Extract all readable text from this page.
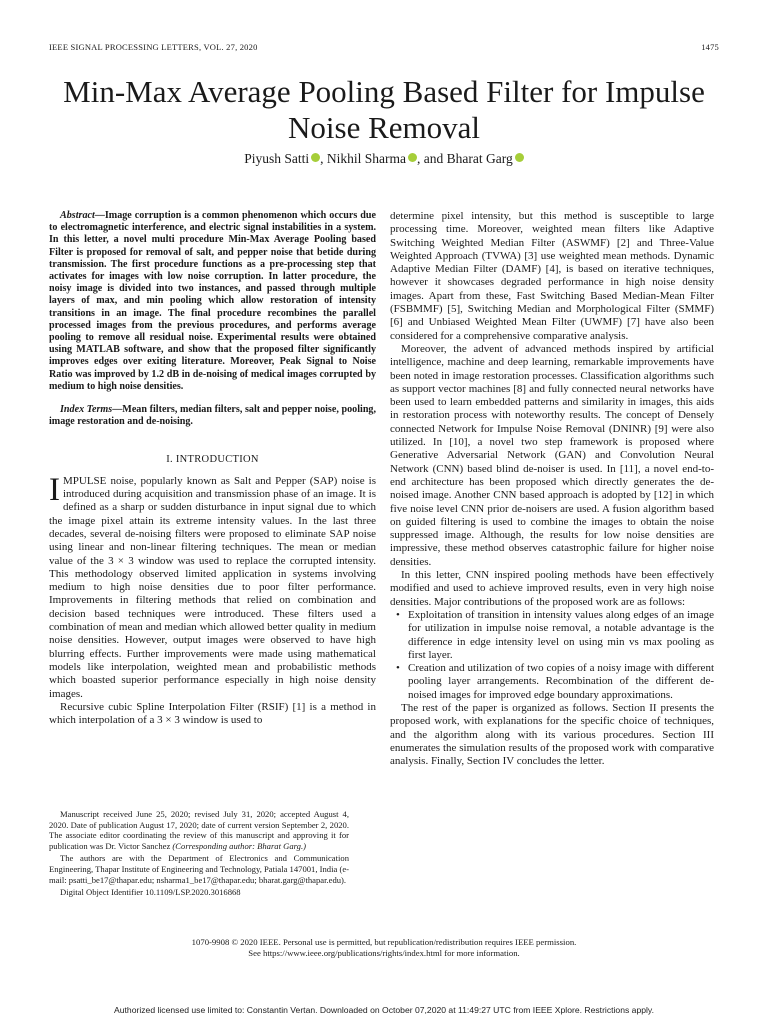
IEEE SIGNAL PROCESSING LETTERS, VOL. 27, 2020	1475
Min-Max Average Pooling Based Filter for Impulse
Noise Removal
Piyush Satti , Nikhil Sharma , and Bharat Garg

Abstract—Image corruption is a common phenomenon which occurs due to electromagnetic interference, and electric signal instabilities in a system. In this letter, a novel multi procedure Min-Max Average Pooling based Filter is proposed for removal of salt, and pepper noise that betide during transmission. The first procedure functions as a pre-processing step that activates for images with low noise corruption. In latter procedure, the noisy image is divided into two instances, and passed through multiple layers of max, and min pooling which allow restoration of intensity transitions in an image. The final procedure recombines the parallel processed images from the previous procedures, and performs average pooling to remove all residual noise. Experimental results were obtained using MATLAB software, and show that the proposed filter significantly improves edges over exiting literature. Moreover, Peak Signal to Noise Ratio was improved by 1.2 dB in de-noising of medical images corrupted by medium to high noise densities.

Index Terms—Mean filters, median filters, salt and pepper noise, pooling, image restoration and de-noising.

I. INTRODUCTION

IMPULSE noise, popularly known as Salt and Pepper (SAP) noise is introduced during acquisition and transmission phase of an image. It is defined as a sharp or sudden disturbance in input signal due to which the image pixel attain its extreme intensity values. In the last three decades, several de-noising filters were proposed to eliminate SAP noise using linear and non-linear filtering techniques. The mean or median value of the 3 × 3 window was used to replace the corrupted intensity. This methodology observed limited application in systems involving medium to high noise densities due to poor filter performance. Improvements in filtering methods that relied on combination and decision based techniques were introduced. These filters used a combination of mean and median which allowed better quality in medium noise densities. However, output images were observed to have high blurring effects. Further improvements were made using mathematical models like interpolation, weighted mean and probabilistic methods which boasted superior performance especially in high noise density images.

Recursive cubic Spline Interpolation Filter (RSIF) [1] is a method in which interpolation of a 3 × 3 window is used to

Manuscript received June 25, 2020; revised July 31, 2020; accepted August 4, 2020. Date of publication August 17, 2020; date of current version September 2, 2020. The associate editor coordinating the review of this manuscript and approving it for publication was Dr. Victor Sanchez (Corresponding author: Bharat Garg.)

The authors are with the Department of Electronics and Communication Engineering, Thapar Institute of Engineering and Technology, Patiala 147001, India (e-mail: psatti_be17@thapar.edu; nsharma1_be17@thapar.edu; bharat.garg@thapar.edu).

Digital Object Identifier 10.1109/LSP.2020.3016868

determine pixel intensity, but this method is susceptible to large processing time. Moreover, weighted mean filters like Adaptive Switching Weighted Median Filter (ASWMF) [2] and Three-Value Weighted Approach (TVWA) [3] use weighted mean methods. Dynamic Adaptive Median Filter (DAMF) [4], is based on iterative techniques, however it showcases degraded performance in high noise density images. Apart from these, Fast Switching Based Median-Mean Filter (FSBMMF) [5], Switching Median and Morphological Filter (SMMF) [6] and Unbiased Weighted Mean Filter (UWMF) [7] have also been considered for a comprehensive comparative analysis.

Moreover, the advent of advanced methods inspired by artificial intelligence, machine and deep learning, remarkable improvements have been noted in image restoration processes. Classification algorithms such as support vector machines [8] and fully connected neural networks have been used to learn embedded patterns and similarity in images, this aids in restoration process with noteworthy results. The concept of Densely connected Network for Impulse Noise Removal (DNINR) [9] were also utilized. In [10], a novel two step framework is proposed where Generative Adversarial Network (GAN) and Convolution Neural Network (CNN) based blind de-noiser is used. In [11], a novel end-to-end architecture has been proposed which directly generates the de-noised image. Another CNN based approach is adopted by [12] in which five noise level CNN prior de-noisers are used. A fusion algorithm based on guided filtering is used to combine the images to obtain the noise suppressed image. Although, the results for low noise densities are impressive, these method observes catastrophic failure for higher noise densities.

In this letter, CNN inspired pooling methods have been effectively modified and used to achieve improved results, even in very high noise densities. Major contributions of the proposed work are as follows:

• Exploitation of transition in intensity values along edges of an image for utilization in impulse noise removal, a notable advantage is the difference in edge intensity level on using min vs max pooling as first layer.
• Creation and utilization of two copies of a noisy image with different pooling layer arrangements. Recombination of the different de-noised images for improved edge boundary approximations.

The rest of the paper is organized as follows. Section II presents the proposed work, with explanations for the specific choice of techniques, and the algorithm along with its various procedures. Section III enumerates the simulation results of the proposed work with comparative analysis. Finally, Section IV concludes the letter.

1070-9908 © 2020 IEEE. Personal use is permitted, but republication/redistribution requires IEEE permission.
See https://www.ieee.org/publications/rights/index.html for more information.
Authorized licensed use limited to: Constantin Vertan. Downloaded on October 07,2020 at 11:49:27 UTC from IEEE Xplore. Restrictions apply.
